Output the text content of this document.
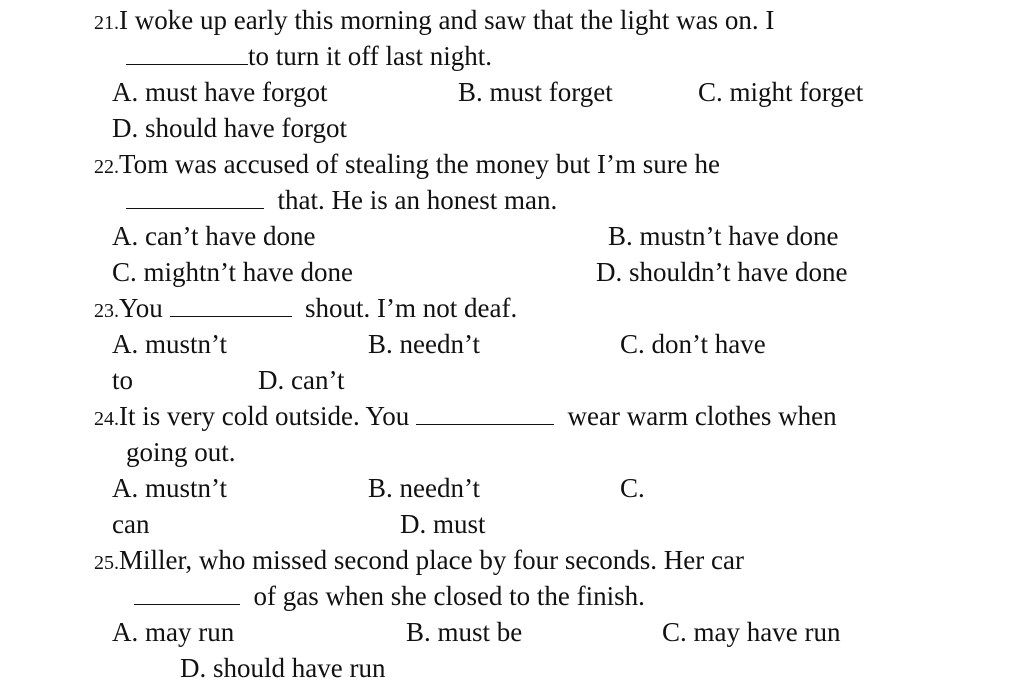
21.I woke up early this morning and saw that the light was on. I
to turn it off last night.
A. must have forgot	B. must forget	C. might forget
D. should have forgot
22.Tom was accused of stealing the money but I’m sure he
that. He is an honest man.
A. can’t have done	B. mustn’t have done
C. mightn’t have done	D. shouldn’t have done
23.You	shout. I’m not deaf.
A. mustn’t	B. needn’t	C. don’t have
to	D. can’t
24.It is very cold outside. You	wear warm clothes when
going out.
A. mustn’t	B. needn’t	C.
can	D. must
25.Miller, who missed second place by four seconds. Her car
of gas when she closed to the finish.
A. may run	B. must be	C. may have run
D. should have run
